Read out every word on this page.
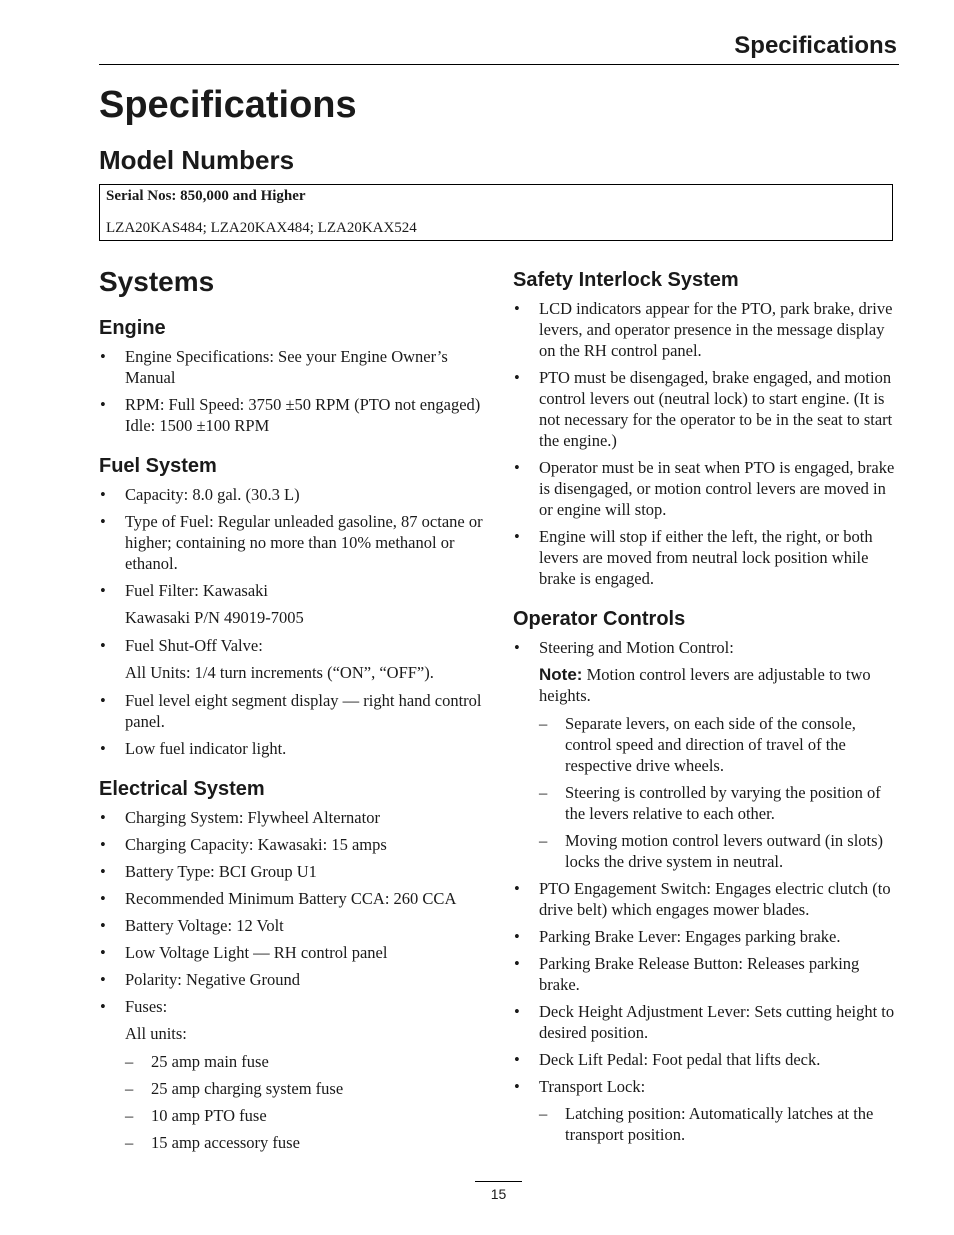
Specifications
Specifications
Model Numbers
Serial Nos: 850,000 and Higher
LZA20KAS484; LZA20KAX484; LZA20KAX524
Systems
Engine
• Engine Specifications: See your Engine Owner’s Manual
• RPM: Full Speed: 3750 ±50 RPM (PTO not engaged) Idle: 1500 ±100 RPM
Fuel System
• Capacity: 8.0 gal. (30.3 L)
• Type of Fuel: Regular unleaded gasoline, 87 octane or higher; containing no more than 10% methanol or ethanol.
• Fuel Filter: Kawasaki
Kawasaki P/N 49019-7005
• Fuel Shut-Off Valve:
All Units: 1/4 turn increments (“ON”, “OFF”).
• Fuel level eight segment display — right hand control panel.
• Low fuel indicator light.
Electrical System
• Charging System: Flywheel Alternator
• Charging Capacity: Kawasaki: 15 amps
• Battery Type: BCI Group U1
• Recommended Minimum Battery CCA: 260 CCA
• Battery Voltage: 12 Volt
• Low Voltage Light — RH control panel
• Polarity: Negative Ground
• Fuses:
All units:
– 25 amp main fuse
– 25 amp charging system fuse
– 10 amp PTO fuse
– 15 amp accessory fuse
Safety Interlock System
• LCD indicators appear for the PTO, park brake, drive levers, and operator presence in the message display on the RH control panel.
• PTO must be disengaged, brake engaged, and motion control levers out (neutral lock) to start engine. (It is not necessary for the operator to be in the seat to start the engine.)
• Operator must be in seat when PTO is engaged, brake is disengaged, or motion control levers are moved in or engine will stop.
• Engine will stop if either the left, the right, or both levers are moved from neutral lock position while brake is engaged.
Operator Controls
• Steering and Motion Control:
Note: Motion control levers are adjustable to two heights.
– Separate levers, on each side of the console, control speed and direction of travel of the respective drive wheels.
– Steering is controlled by varying the position of the levers relative to each other.
– Moving motion control levers outward (in slots) locks the drive system in neutral.
• PTO Engagement Switch: Engages electric clutch (to drive belt) which engages mower blades.
• Parking Brake Lever: Engages parking brake.
• Parking Brake Release Button: Releases parking brake.
• Deck Height Adjustment Lever: Sets cutting height to desired position.
• Deck Lift Pedal: Foot pedal that lifts deck.
• Transport Lock:
– Latching position: Automatically latches at the transport position.
15
